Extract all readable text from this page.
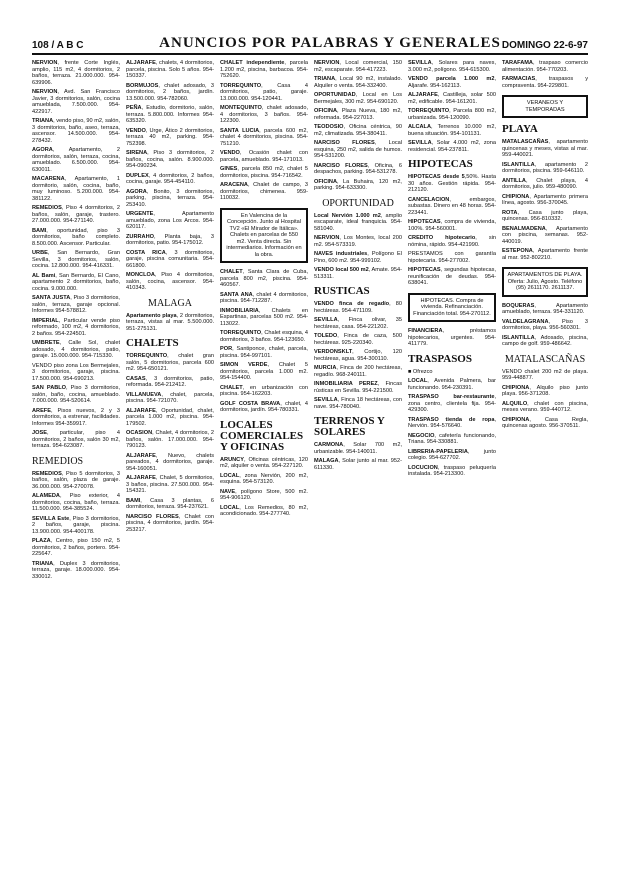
108 / A B C	ANUNCIOS POR PALABRAS Y GENERALES DOMINGO 22-6-97
NERVION, frente Corte Inglés, amplio, 115 m2, 4 dormitorios, 2 baños, terraza. 21.000.000. 954-639906.
NERVION, Avd. San Francisco Javier, 3 dormitorios, salón, cocina amueblada, 7.500.000. 954-422917.
TRIANA, vendo piso, 90 m2, salón, 3 dormitorios, baño, aseo, terraza, ascensor. 14.500.000. 954-278432.
AGORA, Apartamento, 2 dormitorios, salón, terraza, cocina, amueblado. 6.500.000. 954-630011.
MACARENA, Apartamento, 1 dormitorio, salón, cocina, baño, muy luminoso. 5.200.000. 954-381122.
REMEDIOS, Piso 4 dormitorios, 2 baños, salón, garaje, trastero. 27.000.000. 954-271140.
BAMI, oportunidad, piso 3 dormitorios, baño completo. 8.500.000. Ascensor. Particular.
URBE, San Bernardo, Gran Sevilla, 3 dormitorios, salón, cocina. 12.800.000. 954-416331.
AL Bami, San Bernardo, El Cano, apartamento 2 dormitorios, baño, cocina. 9.000.000.
SANTA JUSTA, Piso 3 dormitorios, salón, terraza, garaje opcional. Informes 954-578812.
IMPERIAL, Particular vende piso reformado, 100 m2, 4 dormitorios, 2 baños. 954-224501.
UMBRETE, Calle Sol, chalet adosado, 4 dormitorios, patio, garaje. 15.000.000. 954-715330.
VENDO piso zona Los Bermejales, 3 dormitorios, garaje, piscina. 17.500.000. 954-690213.
SAN PABLO, Piso 3 dormitorios, salón, baño, cocina, amueblado. 7.000.000. 954-520614.
AREFE, Pisos nuevos, 2 y 3 dormitorios, a estrenar, facilidades. Informes 954-359917.
JOSE, particular, piso 4 dormitorios, 2 baños, salón 30 m2, terraza. 954-623087.
REMEDIOS
REMEDIOS, Piso 5 dormitorios, 3 baños, salón, plaza de garaje. 36.000.000. 954-270078.
ALAMEDA, Piso exterior, 4 dormitorios, cocina, baño, terraza. 11.500.000. 954-385524.
SEVILLA Este, Piso 3 dormitorios, 2 baños, garaje, piscina. 13.900.000. 954-400178.
PLAZA, Centro, piso 150 m2, 5 dormitorios, 2 baños, portero. 954-225647.
TRIANA, Duplex 3 dormitorios, terraza, garaje. 18.000.000. 954-330012.
ALJARAFE, chalets, 4 dormitorios, parcela, piscina. Solo 5 años. 954-150337.
BORMUJOS, chalet adosado, 3 dormitorios, 2 baños, jardín. 13.500.000. 954-782060.
PEÑA, Estudio, dormitorio, salón, terraza. 5.800.000. Informes 954-635320.
VENDO, Urge, Ático 2 dormitorios, terraza 40 m2, parking. 954-752398.
SIRENA, Piso 3 dormitorios, 2 baños, cocina, salón. 8.900.000. 954-090234.
DUPLEX, 4 dormitorios, 2 baños, cocina, garaje. 954-454110.
AGORA, Bonito, 3 dormitorios, parking, piscina, terraza. 954-253410.
URGENTE, Apartamento amueblado, zona Los Arcos. 954-620117.
ZURRAHO, Planta baja, 3 dormitorios, patio. 954-175012.
COSTA RICA, 3 dormitorios, garaje, piscina comunitaria. 954-661800.
MONCLOA, Piso 4 dormitorios, salón, cocina, ascensor. 954-410343.
MALAGA
Apartamento playa, 2 dormitorios, terraza, vistas al mar. 5.500.000. 951-275131.
CHALETS
TORREQUINTO, chalet gran salón, 5 dormitorios, parcela 600 m2. 954-650121.
CASAS, 3 dormitorios, patio, reformada. 954-212412.
VILLANUEVA, chalet, parcela, piscina. 954-721070.
ALJARAFE, Oportunidad, chalet, parcela 1.000 m2, piscina. 954-179502.
OCASION, Chalet, 4 dormitorios, 2 baños, salón. 17.000.000. 954-790123.
ALJARAFE, Nuevo, chalets pareados, 4 dormitorios, garaje. 954-160051.
ALJARAFE, Chalet, 5 dormitorios, 3 baños, piscina. 27.500.000. 954-154321.
BAMI, Casa 3 plantas, 6 dormitorios, terraza. 954-237621.
NARCISO FLORES, Chalet con piscina, 4 dormitorios, jardín. 954-253217.
CHALET independiente, parcela 1.200 m2, piscina, barbacoa. 954-752620.
TORREQUINTO, Casa 4 dormitorios, patio, garaje. 13.000.000. 954-120441.
MONTEQUINTO, chalet adosado, 4 dormitorios, 3 baños. 954-122300.
SANTA LUCIA, parcela 600 m2, chalet 4 dormitorios, piscina. 954-751210.
VENDO, Ocasión chalet con parcela, amueblado. 954-171013.
GINES, parcela 850 m2, chalet 5 dormitorios, piscina. 954-716542.
ARACENA, Chalet de campo, 3 dormitorios, chimenea. 959-110032.
En Valencina de la Concepción. Junto al Hospital TV2 «El Mirador de Itálica». Chalets en parcelas de 550 m2. Venta directa. Sin intermediarios. Información en la obra.
CHALET, Santa Clara de Cuba, parcela 800 m2, piscina. 954-460567.
SANTA ANA, chalet 4 dormitorios, piscina. 954-712287.
INMOBILIARIA, Chalets en Espartinas, parcelas 500 m2. 954-113022.
TORREQUINTO, Chalet esquina, 4 dormitorios, 3 baños. 954-123650.
POR, Santiponce, chalet, parcela, piscina. 954-997101.
SIMON VERDE, Chalet 5 dormitorios, parcela 1.000 m2. 954-154400.
CHALET, en urbanización con piscina. 954-162203.
GOLF COSTA BRAVA, chalet, 4 dormitorios, jardín. 954-780331.
LOCALES COMERCIALES Y OFICINAS
ARUNCY, Oficinas céntricas, 120 m2, alquiler o venta. 954-227120.
LOCAL, zona Nervión, 200 m2, esquina. 954-573120.
NAVE, polígono Store, 500 m2. 954-906120.
LOCAL, Los Remedios, 80 m2, acondicionado. 954-277740.
NERVION, Local comercial, 150 m2, escaparate. 954-417223.
TRIANA, Local 90 m2, instalado. Alquiler o venta. 954-332400.
OPORTUNIDAD, Local en Los Bermejales, 300 m2. 954-690120.
OFICINA, Plaza Nueva, 180 m2, reformada. 954-227013.
TEODOSIO, Oficina céntrica, 90 m2, climatizada. 954-380411.
NARCISO FLORES, Local esquina, 250 m2, salida de humos. 954-531200.
NARCISO FLORES, Oficina, 6 despachos, parking. 954-531278.
OFICINA, La Buhaira, 120 m2, parking. 954-633300.
OPORTUNIDAD
Local Nervión 1.000 m2, amplio escaparate, ideal franquicia. 954-581040.
NERVION, Los Montes, local 200 m2. 954-573319.
NAVES industriales, Polígono El Pino, 600 m2. 954-999102.
VENDO local 500 m2, Amate. 954-513311.
RUSTICAS
VENDO finca de regadío, 80 hectáreas. 954-471109.
SEVILLA, Finca olivar, 35 hectáreas, casa. 954-221202.
TOLEDO, Finca de caza, 500 hectáreas. 925-220340.
VERDONSKLT, Cortijo, 120 hectáreas, agua. 954-300110.
MURCIA, Finca de 200 hectáreas, regadío. 968-240111.
INMOBILIARIA PEREZ, Fincas rústicas en Sevilla. 954-221500.
SEVILLA, Finca 18 hectáreas, con nave. 954-780040.
TERRENOS Y SOLARES
CARMONA, Solar 700 m2, urbanizable. 954-140011.
MALAGA, Solar junto al mar. 952-611330.
SEVILLA, Solares para naves, 3.000 m2, polígono. 954-615300.
VENDO parcela 1.000 m2, Aljarafe. 954-162113.
ALJARAFE, Castilleja, solar 500 m2, edificable. 954-161201.
TORREQUINTO, Parcela 800 m2, urbanizada. 954-120090.
ALCALA, Terrenos 10.000 m2, buena situación. 954-101131.
SEVILLA, Solar 4.000 m2, zona residencial. 954-237811.
HIPOTECAS
HIPOTECAS desde 5,50%. Hasta 30 años. Gestión rápida. 954-212120.
CANCELACION, embargos, subastas. Dinero en 48 horas. 954-223441.
HIPOTECAS, compra de vivienda, 100%. 954-560001.
CREDITO hipotecario, sin nómina, rápido. 954-421990.
PRESTAMOS con garantía hipotecaria. 954-277002.
HIPOTECAS, segundas hipotecas, reunificación de deudas. 954-638041.
HIPOTECAS. Compra de vivienda. Refinanciación. Financiación total. 954-270112.
FINANCIERA, préstamos hipotecarios, urgentes. 954-411779.
TRASPASOS
■ Ofrezco
LOCAL, Avenida Palmera, bar funcionando. 954-230391.
TRASPASO bar-restaurante, zona centro, clientela fija. 954-429300.
TRASPASO tienda de ropa, Nervión. 954-576640.
NEGOCIO, cafetería funcionando, Triana. 954-330881.
LIBRERIA-PAPELERIA, junto colegio. 954-627702.
LOCUCION, traspaso peluquería instalada. 954-213300.
TARAFAMA, traspaso comercio alimentación. 954-770203.
FARMACIAS, traspasos y compraventa. 954-229801.
VERANEOS Y TEMPORADAS
PLAYA
MATALASCAÑAS, apartamento quincenas y meses, vistas al mar. 959-440021.
ISLANTILLA, apartamento 2 dormitorios, piscina. 959-646110.
ANTILLA, Chalet playa, 4 dormitorios, julio. 959-480090.
CHIPIONA, Apartamento primera línea, agosto. 956-370045.
ROTA, Casa junto playa, quincenas. 956-810332.
BENALMADENA, Apartamento con piscina, semanas. 952-440019.
ESTEPONA, Apartamento frente al mar. 952-802210.
APARTAMENTOS DE PLAYA. Oferta: Julio, Agosto. Teléfono (95) 2611170. 2611137.
BOQUERAS, Apartamento amueblado, terraza. 954-331120.
VALDELAGRANA, Piso 3 dormitorios, playa. 956-560301.
ISLANTILLA, Adosado, piscina, campo de golf. 959-486642.
MATALASCAÑAS
VENDO chalet 200 m2 de playa. 959-448877.
CHIPIONA, Alquilo piso junto playa. 956-371208.
ALQUILO, chalet con piscina, meses verano. 959-440712.
CHIPIONA, Casa Regla, quincenas agosto. 956-370511.
